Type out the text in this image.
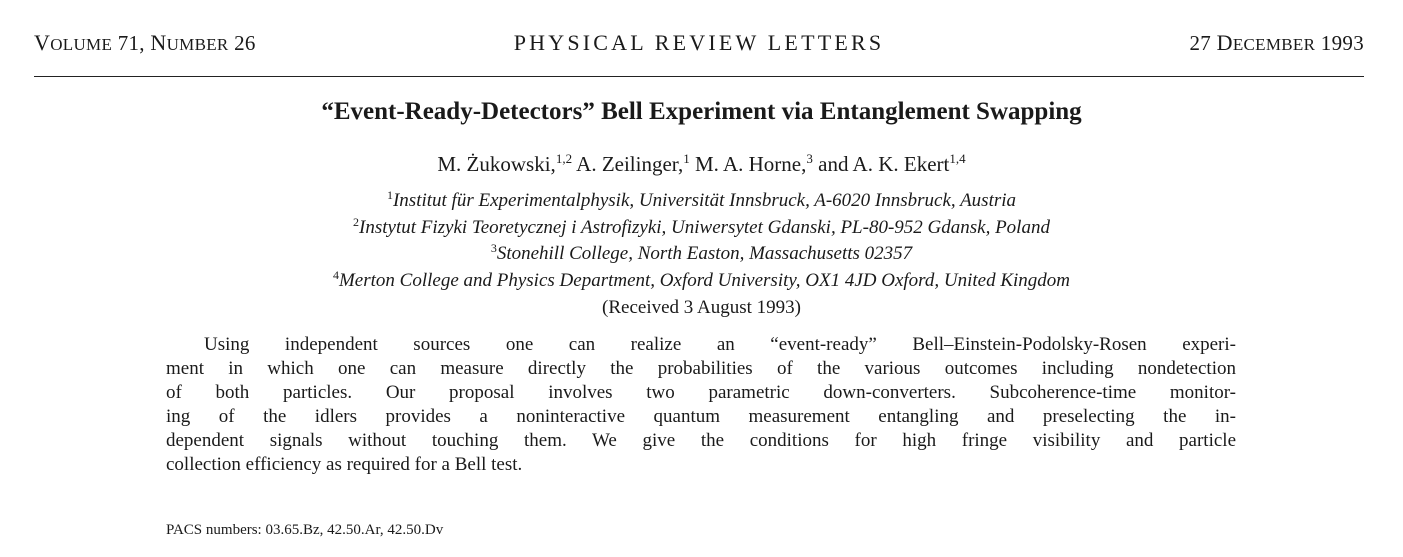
VOLUME 71, NUMBER 26	PHYSICAL REVIEW LETTERS	27 DECEMBER 1993
“Event-Ready-Detectors” Bell Experiment via Entanglement Swapping
M. Żukowski,$^{1,2}$ A. Zeilinger,$^1$ M. A. Horne,$^3$ and A. K. Ekert$^{1,4}$
$^1$Institut für Experimentalphysik, Universität Innsbruck, A-6020 Innsbruck, Austria
$^2$Instytut Fizyki Teoretycznej i Astrofizyki, Uniwersytet Gdanski, PL-80-952 Gdansk, Poland
$^3$Stonehill College, North Easton, Massachusetts 02357
$^4$Merton College and Physics Department, Oxford University, OX1 4JD Oxford, United Kingdom
(Received 3 August 1993)
Using independent sources one can realize an “event-ready” Bell–Einstein-Podolsky-Rosen experi-
ment in which one can measure directly the probabilities of the various outcomes including nondetection
of both particles. Our proposal involves two parametric down-converters. Subcoherence-time monitor-
ing of the idlers provides a noninteractive quantum measurement entangling and preselecting the in-
dependent signals without touching them. We give the conditions for high fringe visibility and particle
collection efficiency as required for a Bell test.
PACS numbers: 03.65.Bz, 42.50.Ar, 42.50.Dv
